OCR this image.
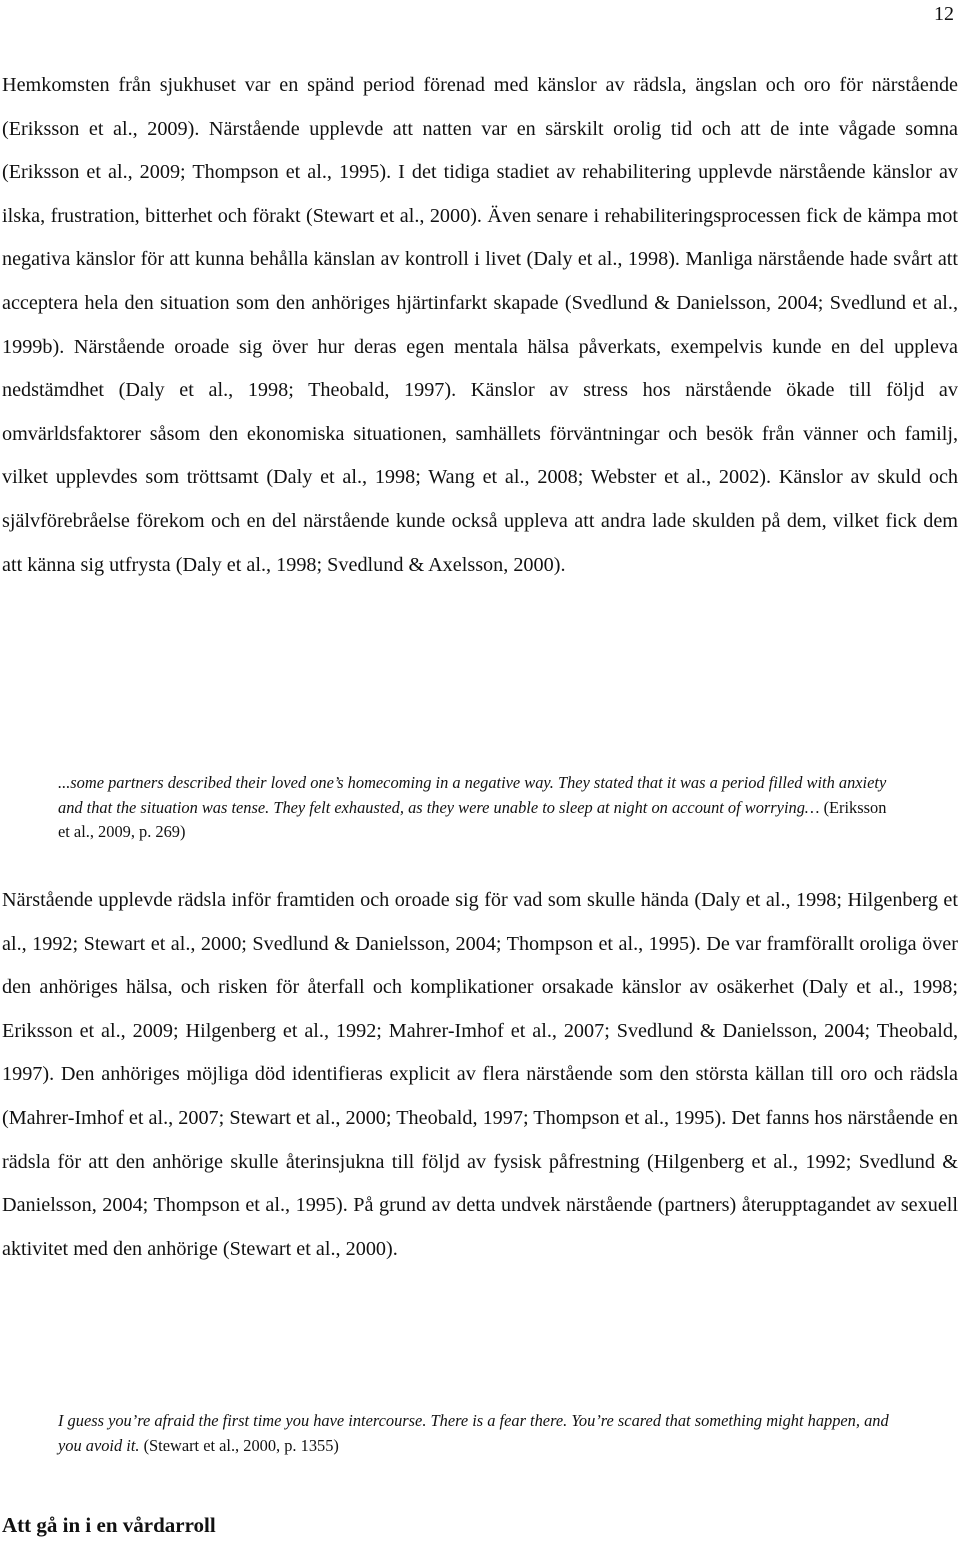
12

Hemkomsten från sjukhuset var en spänd period förenad med känslor av rädsla, ängslan och oro för närstående (Eriksson et al., 2009). Närstående upplevde att natten var en särskilt orolig tid och att de inte vågade somna (Eriksson et al., 2009; Thompson et al., 1995). I det tidiga stadiet av rehabilitering upplevde närstående känslor av ilska, frustration, bitterhet och förakt (Stewart et al., 2000). Även senare i rehabiliteringsprocessen fick de kämpa mot negativa känslor för att kunna behålla känslan av kontroll i livet (Daly et al., 1998). Manliga närstående hade svårt att acceptera hela den situation som den anhöriges hjärtinfarkt skapade (Svedlund & Danielsson, 2004; Svedlund et al., 1999b). Närstående oroade sig över hur deras egen mentala hälsa påverkats, exempelvis kunde en del uppleva nedstämdhet (Daly et al., 1998; Theobald, 1997). Känslor av stress hos närstående ökade till följd av omvärldsfaktorer såsom den ekonomiska situationen, samhällets förväntningar och besök från vänner och familj, vilket upplevdes som tröttsamt (Daly et al., 1998; Wang et al., 2008; Webster et al., 2002). Känslor av skuld och självförebråelse förekom och en del närstående kunde också uppleva att andra lade skulden på dem, vilket fick dem att känna sig utfrysta (Daly et al., 1998; Svedlund & Axelsson, 2000).

...some partners described their loved one’s homecoming in a negative way. They stated that it was a period filled with anxiety and that the situation was tense. They felt exhausted, as they were unable to sleep at night on account of worrying… (Eriksson et al., 2009, p. 269)

Närstående upplevde rädsla inför framtiden och oroade sig för vad som skulle hända (Daly et al., 1998; Hilgenberg et al., 1992; Stewart et al., 2000; Svedlund & Danielsson, 2004; Thompson et al., 1995). De var framförallt oroliga över den anhöriges hälsa, och risken för återfall och komplikationer orsakade känslor av osäkerhet (Daly et al., 1998; Eriksson et al., 2009; Hilgenberg et al., 1992; Mahrer-Imhof et al., 2007; Svedlund & Danielsson, 2004; Theobald, 1997). Den anhöriges möjliga död identifieras explicit av flera närstående som den största källan till oro och rädsla (Mahrer-Imhof et al., 2007; Stewart et al., 2000; Theobald, 1997; Thompson et al., 1995). Det fanns hos närstående en rädsla för att den anhörige skulle återinsjukna till följd av fysisk påfrestning (Hilgenberg et al., 1992; Svedlund & Danielsson, 2004; Thompson et al., 1995). På grund av detta undvek närstående (partners) återupptagandet av sexuell aktivitet med den anhörige (Stewart et al., 2000).

I guess you’re afraid the first time you have intercourse. There is a fear there. You’re scared that something might happen, and you avoid it. (Stewart et al., 2000, p. 1355)

Att gå in i en vårdarroll
